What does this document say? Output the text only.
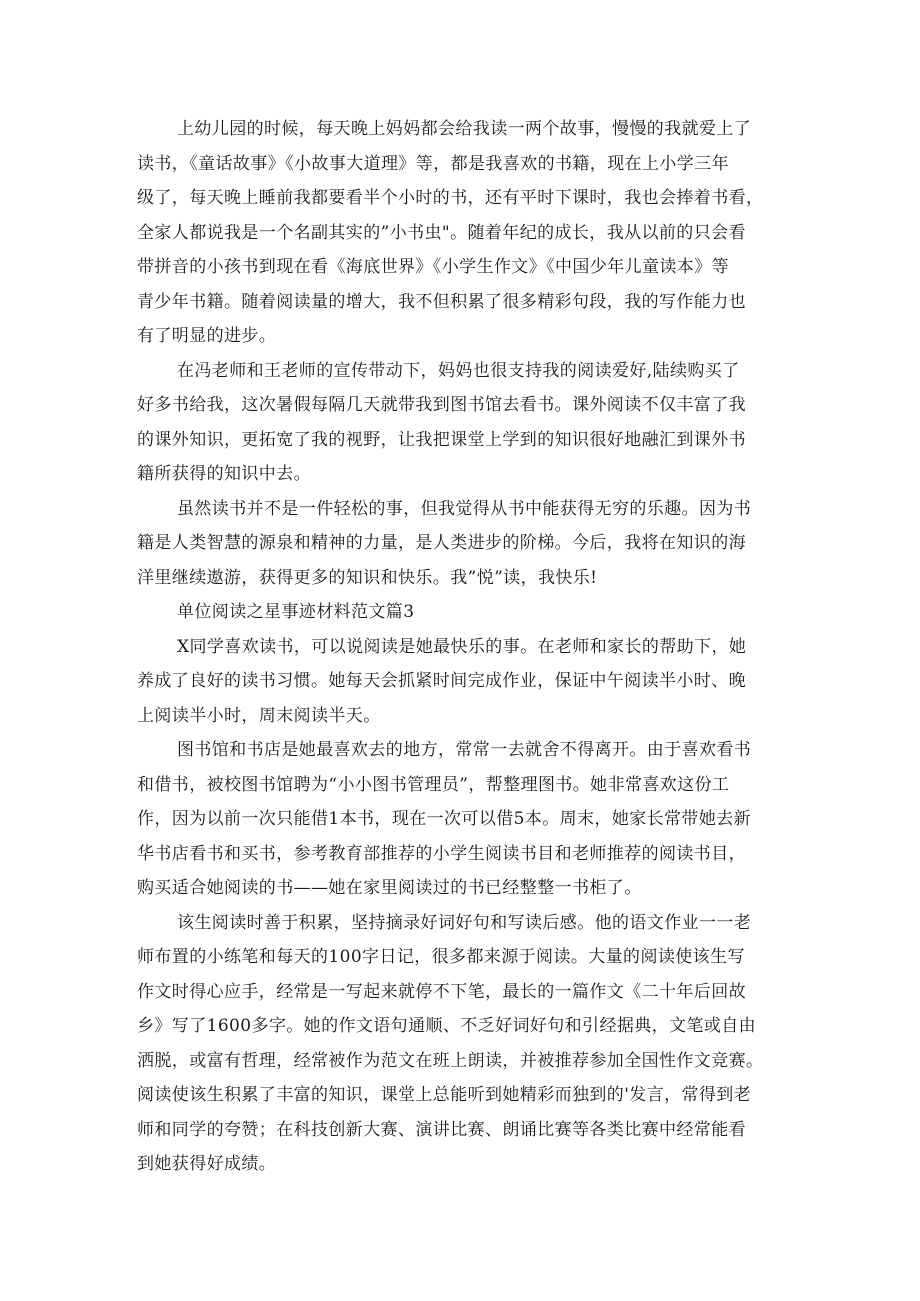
上幼儿园的时候，每天晚上妈妈都会给我读一两个故事，慢慢的我就爱上了
读书，《童话故事》《小故事大道理》等，都是我喜欢的书籍，现在上小学三年
级了，每天晚上睡前我都要看半个小时的书，还有平时下课时，我也会捧着书看，
全家人都说我是一个名副其实的”小书虫"。随着年纪的成长，我从以前的只会看
带拼音的小孩书到现在看《海底世界》《小学生作文》《中国少年儿童读本》等
青少年书籍。随着阅读量的增大，我不但积累了很多精彩句段，我的写作能力也
有了明显的进步。
在冯老师和王老师的宣传带动下，妈妈也很支持我的阅读爱好,陆续购买了
好多书给我，这次暑假每隔几天就带我到图书馆去看书。课外阅读不仅丰富了我
的课外知识，更拓宽了我的视野，让我把课堂上学到的知识很好地融汇到课外书
籍所获得的知识中去。
虽然读书并不是一件轻松的事，但我觉得从书中能获得无穷的乐趣。因为书
籍是人类智慧的源泉和精神的力量，是人类进步的阶梯。今后，我将在知识的海
洋里继续遨游，获得更多的知识和快乐。我”悦”读，我快乐!
单位阅读之星事迹材料范文篇3
X同学喜欢读书，可以说阅读是她最快乐的事。在老师和家长的帮助下，她
养成了良好的读书习惯。她每天会抓紧时间完成作业，保证中午阅读半小时、晚
上阅读半小时，周末阅读半天。
图书馆和书店是她最喜欢去的地方，常常一去就舍不得离开。由于喜欢看书
和借书，被校图书馆聘为“小小图书管理员”，帮整理图书。她非常喜欢这份工
作，因为以前一次只能借1本书，现在一次可以借5本。周末，她家长常带她去新
华书店看书和买书，参考教育部推荐的小学生阅读书目和老师推荐的阅读书目，
购买适合她阅读的书——她在家里阅读过的书已经整整一书柜了。
该生阅读时善于积累，坚持摘录好词好句和写读后感。他的语文作业一一老
师布置的小练笔和每天的100字日记，很多都来源于阅读。大量的阅读使该生写
作文时得心应手，经常是一写起来就停不下笔，最长的一篇作文《二十年后回故
乡》写了1600多字。她的作文语句通顺、不乏好词好句和引经据典，文笔或自由
洒脱，或富有哲理，经常被作为范文在班上朗读，并被推荐参加全国性作文竞赛。
阅读使该生积累了丰富的知识，课堂上总能听到她精彩而独到的'发言，常得到老
师和同学的夸赞；在科技创新大赛、演讲比赛、朗诵比赛等各类比赛中经常能看
到她获得好成绩。
